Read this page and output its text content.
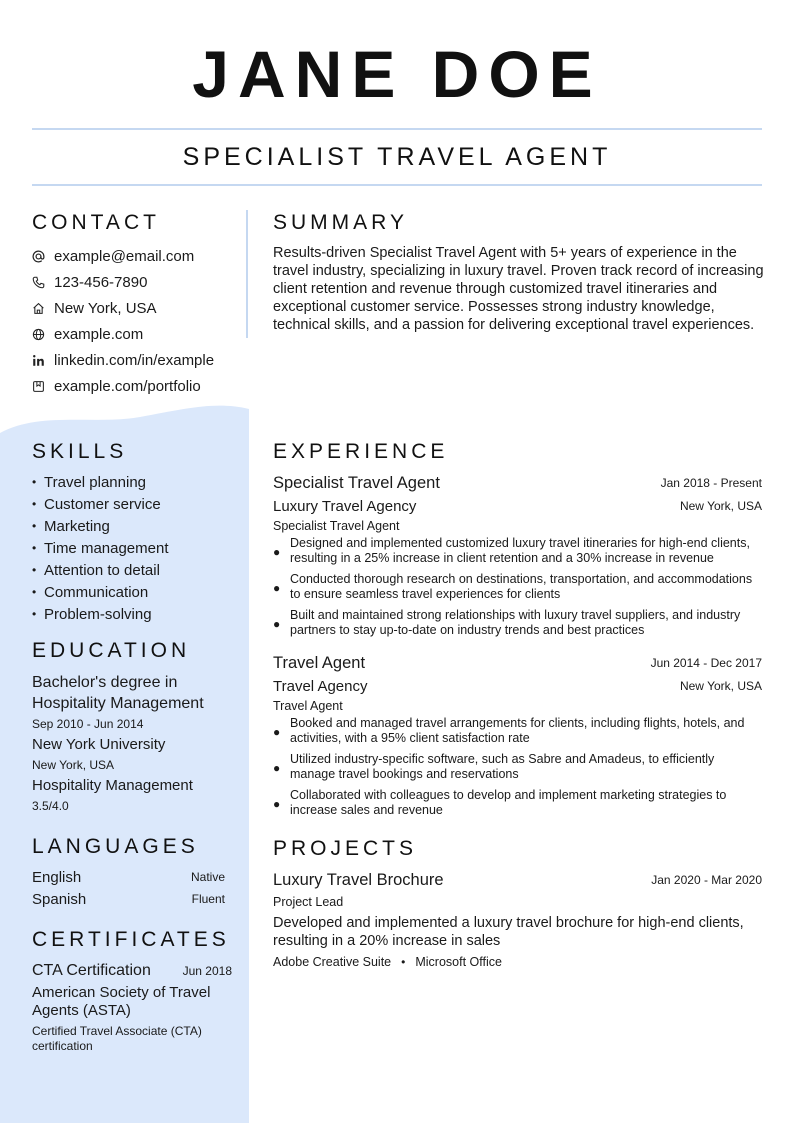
JANE DOE
SPECIALIST TRAVEL AGENT
CONTACT
example@email.com
123-456-7890
New York, USA
example.com
linkedin.com/in/example
example.com/portfolio
SKILLS
• Travel planning
• Customer service
• Marketing
• Time management
• Attention to detail
• Communication
• Problem-solving
EDUCATION
Bachelor's degree in Hospitality Management
Sep 2010 - Jun 2014
New York University
New York, USA
Hospitality Management
3.5/4.0
LANGUAGES
English	Native
Spanish	Fluent
CERTIFICATES
CTA Certification	Jun 2018
American Society of Travel Agents (ASTA)
Certified Travel Associate (CTA) certification
SUMMARY
Results-driven Specialist Travel Agent with 5+ years of experience in the travel industry, specializing in luxury travel. Proven track record of increasing client retention and revenue through customized travel itineraries and exceptional customer service. Possesses strong industry knowledge, technical skills, and a passion for delivering exceptional travel experiences.
EXPERIENCE
Specialist Travel Agent	Jan 2018 - Present
Luxury Travel Agency	New York, USA
Specialist Travel Agent
●
Designed and implemented customized luxury travel itineraries for high-end clients, resulting in a 25% increase in client retention and a 30% increase in revenue
●
Conducted thorough research on destinations, transportation, and accommodations to ensure seamless travel experiences for clients
●
Built and maintained strong relationships with luxury travel suppliers, and industry partners to stay up-to-date on industry trends and best practices
Travel Agent	Jun 2014 - Dec 2017
Travel Agency	New York, USA
Travel Agent
●
Booked and managed travel arrangements for clients, including flights, hotels, and activities, with a 95% client satisfaction rate
●
Utilized industry-specific software, such as Sabre and Amadeus, to efficiently manage travel bookings and reservations
●
Collaborated with colleagues to develop and implement marketing strategies to increase sales and revenue
PROJECTS
Luxury Travel Brochure	Jan 2020 - Mar 2020
Project Lead
Developed and implemented a luxury travel brochure for high-end clients, resulting in a 20% increase in sales
Adobe Creative Suite • Microsoft Office
